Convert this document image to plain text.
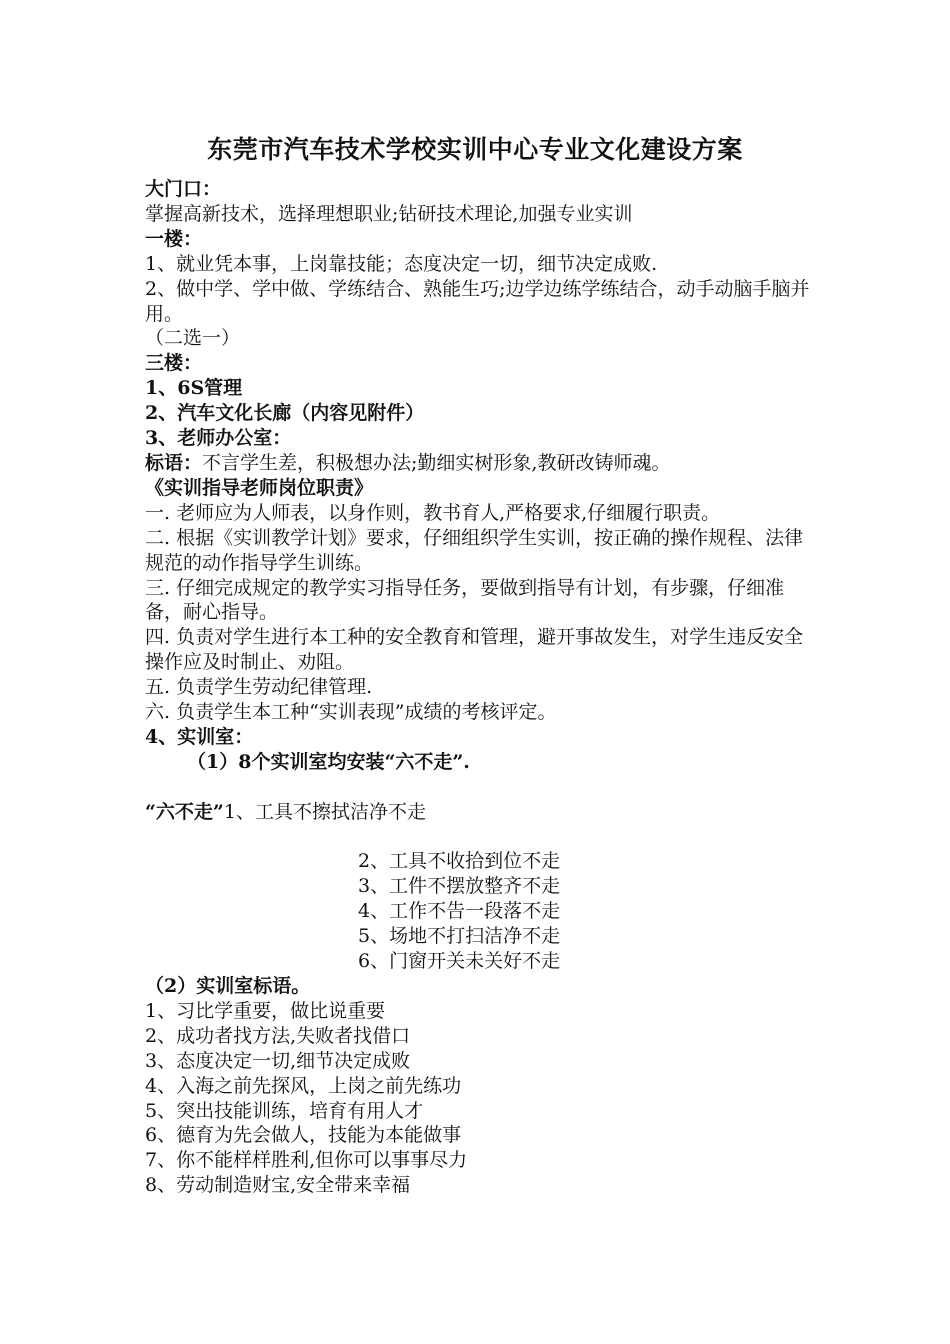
东莞市汽车技术学校实训中心专业文化建设方案
大门口：
掌握高新技术，选择理想职业;钻研技术理论,加强专业实训
一楼：
1、就业凭本事，上岗靠技能；态度决定一切，细节决定成败.
2、做中学、学中做、学练结合、熟能生巧;边学边练学练结合，动手动脑手脑并用。
（二选一）
三楼：
1、6S管理
2、汽车文化长廊（内容见附件）
3、老师办公室：
标语：不言学生差，积极想办法;勤细实树形象,教研改铸师魂。
《实训指导老师岗位职责》
一. 老师应为人师表，以身作则，教书育人,严格要求,仔细履行职责。
二. 根据《实训教学计划》要求，仔细组织学生实训，按正确的操作规程、法律规范的动作指导学生训练。
三. 仔细完成规定的教学实习指导任务，要做到指导有计划，有步骤，仔细准备，耐心指导。
四. 负责对学生进行本工种的安全教育和管理，避开事故发生，对学生违反安全操作应及时制止、劝阻。
五. 负责学生劳动纪律管理.
六. 负责学生本工种“实训表现”成绩的考核评定。
4、实训室：
（1）8个实训室均安装“六不走”.
“六不走”1、工具不擦拭洁净不走
2、工具不收拾到位不走
3、工件不摆放整齐不走
4、工作不告一段落不走
5、场地不打扫洁净不走
6、门窗开关未关好不走
（2）实训室标语。
1、习比学重要，做比说重要
2、成功者找方法,失败者找借口
3、态度决定一切,细节决定成败
4、入海之前先探风，上岗之前先练功
5、突出技能训练，培育有用人才
6、德育为先会做人，技能为本能做事
7、你不能样样胜利,但你可以事事尽力
8、劳动制造财宝,安全带来幸福
